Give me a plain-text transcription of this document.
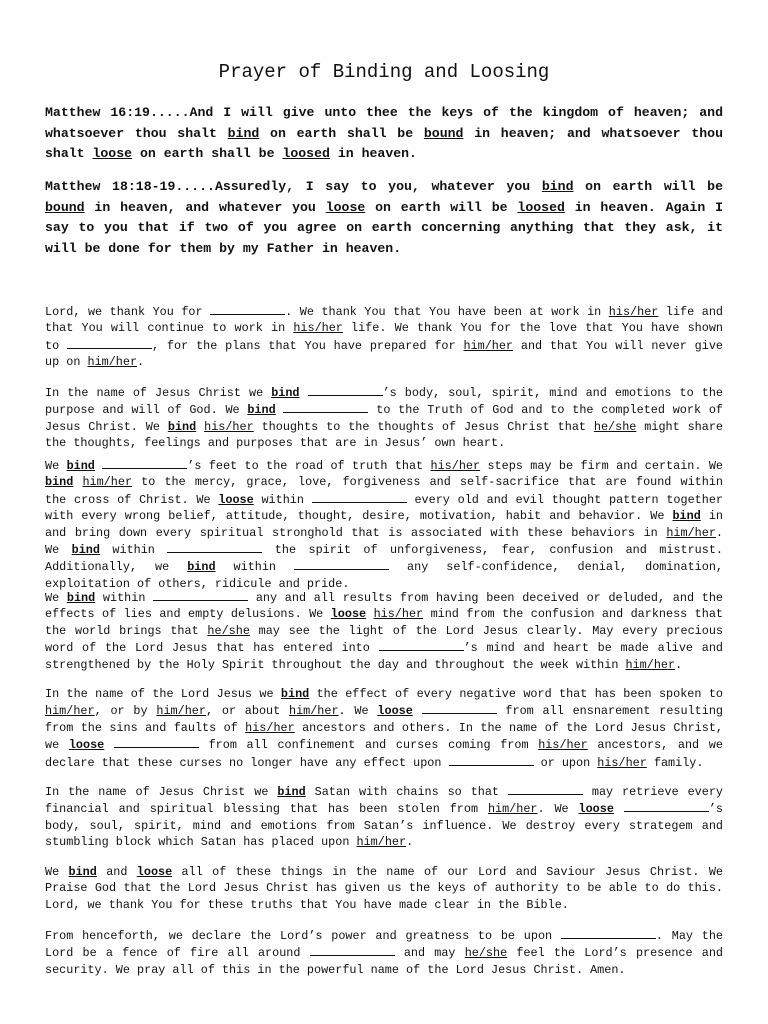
Prayer of Binding and Loosing

Matthew 16:19.....And I will give unto thee the keys of the kingdom of heaven; and whatsoever thou shalt bind on earth shall be bound in heaven; and whatsoever thou shalt loose on earth shall be loosed in heaven.

Matthew 18:18-19.....Assuredly, I say to you, whatever you bind on earth will be bound in heaven, and whatever you loose on earth will be loosed in heaven. Again I say to you that if two of you agree on earth concerning anything that they ask, it will be done for them by my Father in heaven.

Lord, we thank You for	. We thank You that You have been at work in his/her life and that You will continue to work in his/her life. We thank You for the love that You have shown to	, for the plans that You have prepared for him/her and that You will never give up on him/her.

In the name of Jesus Christ we bind	’s body, soul, spirit, mind and emotions to the purpose and will of God. We bind	to the Truth of God and to the completed work of Jesus Christ. We bind his/her thoughts to the thoughts of Jesus Christ that he/she might share the thoughts, feelings and purposes that are in Jesus’ own heart.

We bind	’s feet to the road of truth that his/her steps may be firm and certain. We bind him/her to the mercy, grace, love, forgiveness and self-sacrifice that are found within the cross of Christ. We loose within	every old and evil thought pattern together with every wrong belief, attitude, thought, desire, motivation, habit and behavior. We bind in and bring down every spiritual stronghold that is associated with these behaviors in him/her. We bind within	the spirit of unforgiveness, fear, confusion and mistrust. Additionally, we bind within	any self-confidence, denial, domination, exploitation of others, ridicule and pride.

We bind within	any and all results from having been deceived or deluded, and the effects of lies and empty delusions. We loose his/her mind from the confusion and darkness that the world brings that he/she may see the light of the Lord Jesus clearly. May every precious word of the Lord Jesus that has entered into	’s mind and heart be made alive and strengthened by the Holy Spirit throughout the day and throughout the week within him/her.

In the name of the Lord Jesus we bind the effect of every negative word that has been spoken to him/her, or by him/her, or about him/her. We loose	from all ensnarement resulting from the sins and faults of his/her ancestors and others. In the name of the Lord Jesus Christ, we loose	from all confinement and curses coming from his/her ancestors, and we declare that these curses no longer have any effect upon	or upon his/her family.

In the name of Jesus Christ we bind Satan with chains so that	may retrieve every financial and spiritual blessing that has been stolen from him/her. We loose	’s body, soul, spirit, mind and emotions from Satan’s influence. We destroy every strategem and stumbling block which Satan has placed upon him/her.

We bind and loose all of these things in the name of our Lord and Saviour Jesus Christ. We Praise God that the Lord Jesus Christ has given us the keys of authority to be able to do this. Lord, we thank You for these truths that You have made clear in the Bible.

From henceforth, we declare the Lord’s power and greatness to be upon	. May the Lord be a fence of fire all around	and may he/she feel the Lord’s presence and security. We pray all of this in the powerful name of the Lord Jesus Christ. Amen.
